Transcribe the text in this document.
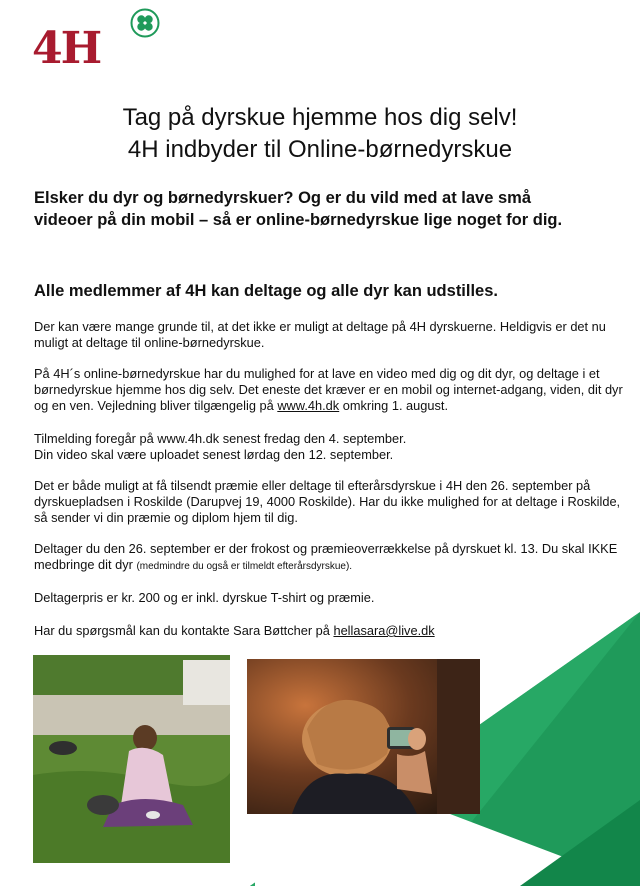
4H
Tag på dyrskue hjemme hos dig selv!
4H indbyder til Online-børnedyrskue
Elsker du dyr og børnedyrskuer? Og er du vild med at lave små videoer på din mobil – så er online-børnedyrskue lige noget for dig.
Alle medlemmer af 4H kan deltage og alle dyr kan udstilles.

Der kan være mange grunde til, at det ikke er muligt at deltage på 4H dyrskuerne. Heldigvis er det nu muligt at deltage til online-børnedyrskue.

På 4H´s online-børnedyrskue har du mulighed for at lave en video med dig og dit dyr, og deltage i et børnedyrskue hjemme hos dig selv. Det eneste det kræver er en mobil og internet-adgang, viden, dit dyr og en ven. Vejledning bliver tilgængelig på www.4h.dk omkring 1. august.

Tilmelding foregår på www.4h.dk senest fredag den 4. september.
Din video skal være uploadet senest lørdag den 12. september.

Det er både muligt at få tilsendt præmie eller deltage til efterårsdyrskue i 4H den 26. september på dyrskuepladsen i Roskilde (Darupvej 19, 4000 Roskilde). Har du ikke mulighed for at deltage i Roskilde, så sender vi din præmie og diplom hjem til dig.

Deltager du den 26. september er der frokost og præmieoverrækkelse på dyrskuet kl. 13. Du skal IKKE medbringe dit dyr (medmindre du også er tilmeldt efterårsdyrskue).

Deltagerpris er kr. 200 og er inkl. dyrskue T-shirt og præmie.

Har du spørgsmål kan du kontakte Sara Bøttcher på hellasara@live.dk
